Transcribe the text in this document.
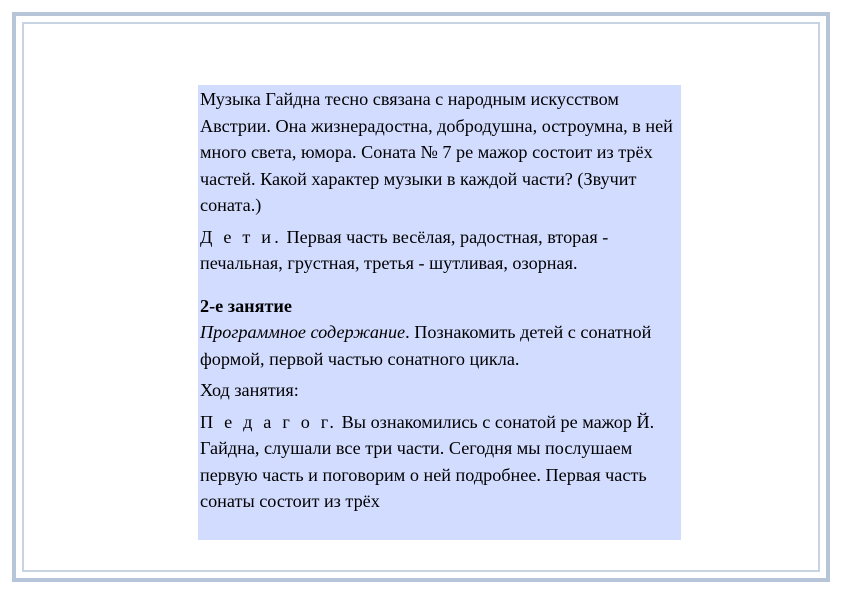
Музыка Гайдна тесно связана с народным искусством Австрии. Она жизнерадостна, добродушна, остроумна, в ней много света, юмора. Соната № 7 ре мажор состоит из трёх частей. Какой характер музыки в каждой части? (Звучит соната.)

Д е т и. Первая часть весёлая, радостная, вторая - печальная, грустная, третья - шутливая, озорная.

2-е занятие

Программное содержание. Познакомить детей с сонатной формой, первой частью сонатного цикла.

Ход занятия:

П е д а г о г. Вы ознакомились с сонатой ре мажор Й. Гайдна, слушали все три части. Сегодня мы послушаем первую часть и поговорим о ней подробнее. Первая часть сонаты состоит из трёх
